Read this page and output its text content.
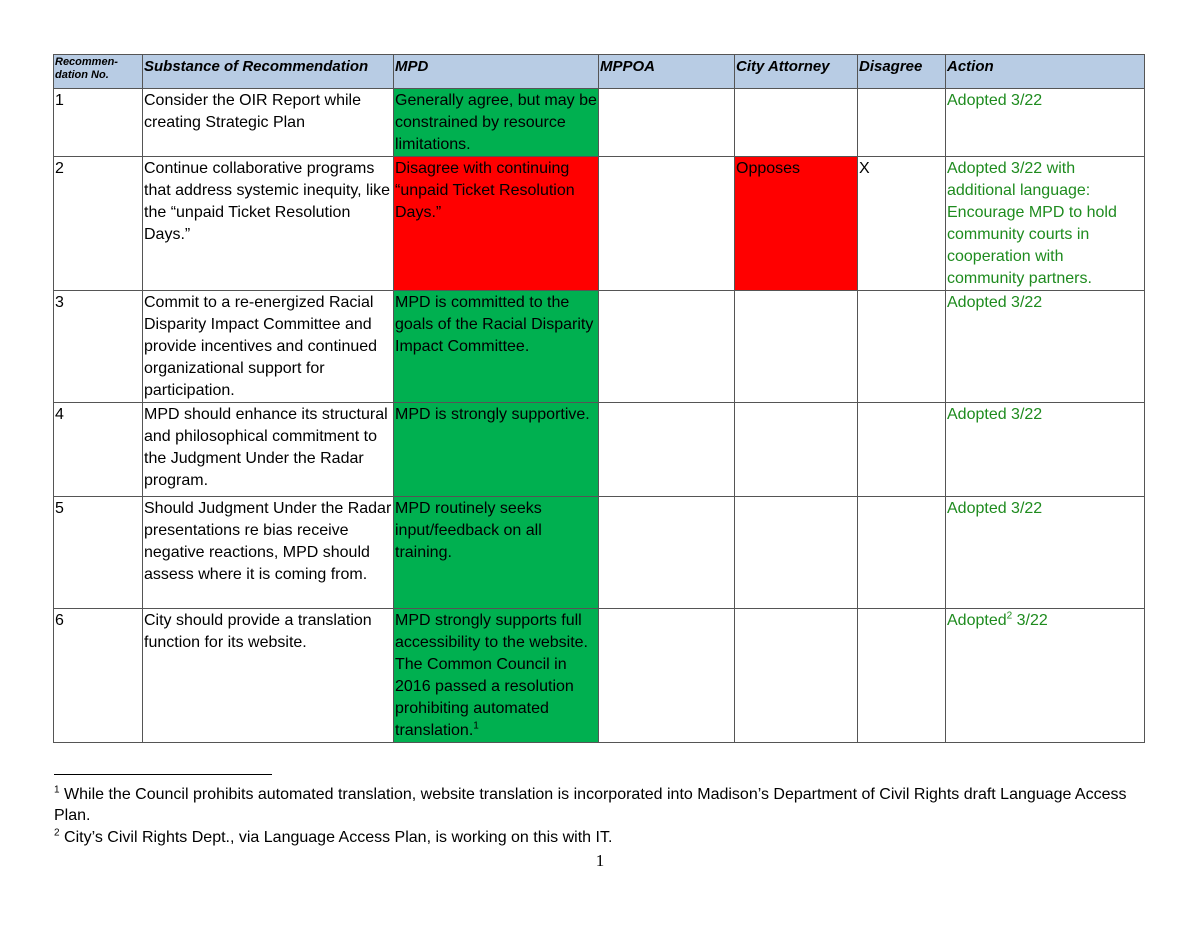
Recommen-dation No.	Substance of Recommendation	MPD	MPPOA	City Attorney	Disagree	Action
1	Consider the OIR Report while creating Strategic Plan	Generally agree, but may be constrained by resource limitations.				Adopted 3/22
2	Continue collaborative programs that address systemic inequity, like the “unpaid Ticket Resolution Days.”	Disagree with continuing “unpaid Ticket Resolution Days.”		Opposes	X	Adopted 3/22 with additional language: Encourage MPD to hold community courts in cooperation with community partners.
3	Commit to a re-energized Racial Disparity Impact Committee and provide incentives and continued organizational support for participation.	MPD is committed to the goals of the Racial Disparity Impact Committee.				Adopted 3/22
4	MPD should enhance its structural and philosophical commitment to the Judgment Under the Radar program.	MPD is strongly supportive.				Adopted 3/22
5	Should Judgment Under the Radar presentations re bias receive negative reactions, MPD should assess where it is coming from.	MPD routinely seeks input/feedback on all training.				Adopted 3/22
6	City should provide a translation function for its website.	MPD strongly supports full accessibility to the website. The Common Council in 2016 passed a resolution prohibiting automated translation.$^1$				Adopted$^2$ 3/22
$^1$ While the Council prohibits automated translation, website translation is incorporated into Madison’s Department of Civil Rights draft Language Access Plan.
$^2$ City’s Civil Rights Dept., via Language Access Plan, is working on this with IT.
1
